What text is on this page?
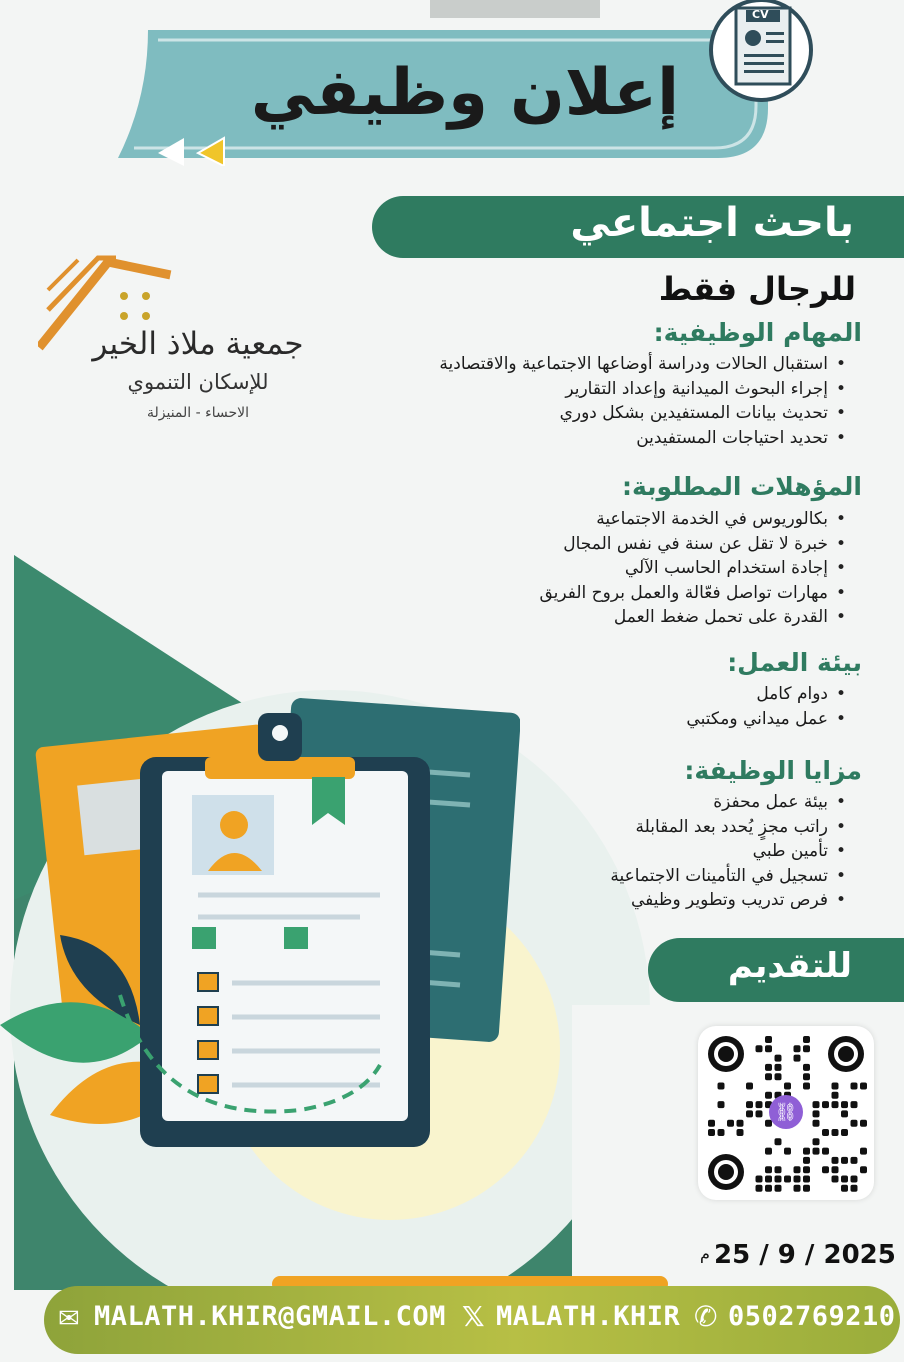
إعلان وظيفي
CV
باحث اجتماعي
للرجال فقط
المهام الوظيفية:
• استقبال الحالات ودراسة أوضاعها الاجتماعية والاقتصادية
• إجراء البحوث الميدانية وإعداد التقارير
• تحديث بيانات المستفيدين بشكل دوري
• تحديد احتياجات المستفيدين
المؤهلات المطلوبة:
• بكالوريوس في الخدمة الاجتماعية
• خبرة لا تقل عن سنة في نفس المجال
• إجادة استخدام الحاسب الآلي
• مهارات تواصل فعّالة والعمل بروح الفريق
• القدرة على تحمل ضغط العمل
بيئة العمل:
• دوام كامل
• عمل ميداني ومكتبي
مزايا الوظيفة:
• بيئة عمل محفزة
• راتب مجزٍ يُحدد بعد المقابلة
• تأمين طبي
• تسجيل في التأمينات الاجتماعية
• فرص تدريب وتطوير وظيفي
جمعية ملاذ الخير
للإسكان التنموي
الاحساء - المنيزلة
للتقديم
⛓
25 / 9 / 2025
م
✉ MALATH.KHIR@GMAIL.COM 𝕏 MALATH.KHIR ✆ 0502769210
